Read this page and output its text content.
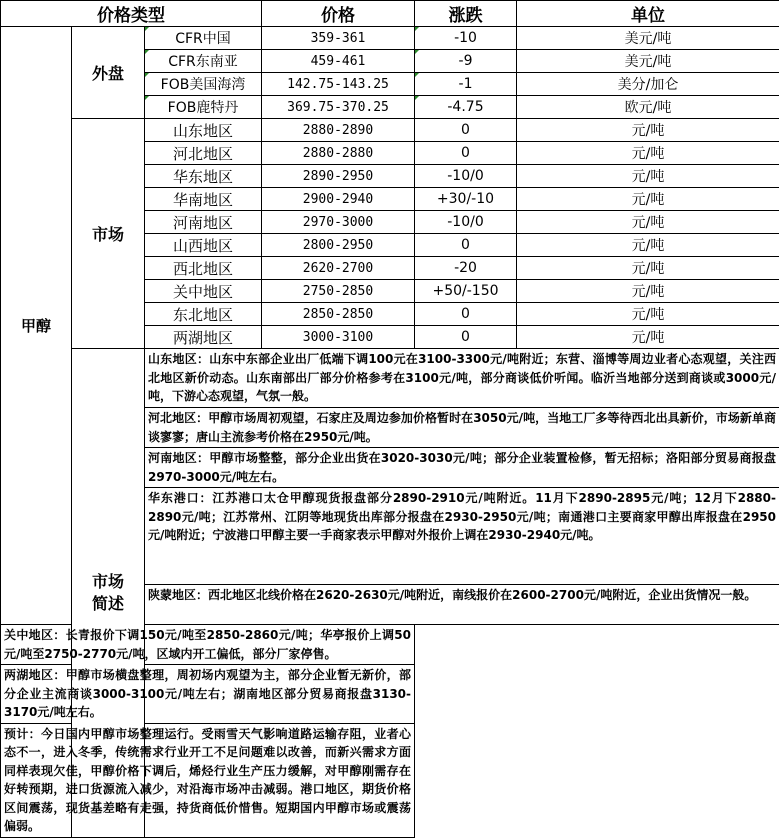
价格类型			价格	涨跌	单位
甲醇	外盘	CFR中国	359-361	-10	美元/吨
		CFR东南亚	459-461	-9	美元/吨
		FOB美国海湾	142.75-143.25	-1	美分/加仑
		FOB鹿特丹	369.75-370.25	-4.75	欧元/吨
	市场	山东地区	2880-2890	0	元/吨
		河北地区	2880-2880	0	元/吨
		华东地区	2890-2950	-10/0	元/吨
		华南地区	2900-2940	+30/-10	元/吨
		河南地区	2970-3000	-10/0	元/吨
		山西地区	2800-2950	0	元/吨
		西北地区	2620-2700	-20	元/吨
		关中地区	2750-2850	+50/-150	元/吨
		东北地区	2850-2850	0	元/吨
		两湖地区	3000-3100	0	元/吨

	市场简述	山东地区：山东中东部企业出厂低端下调100元在3100-3300元/吨附近；东营、淄博等周边业者心态观望，关注西北地区新价动态。山东南部出厂部分价格参考在3100元/吨，部分商谈低价听闻。临沂当地部分送到商谈或3000元/吨，下游心态观望，气氛一般。			
		河北地区：甲醇市场周初观望，石家庄及周边参加价格暂时在3050元/吨，当地工厂多等待西北出具新价，市场新单商谈寥寥；唐山主流参考价格在2950元/吨。			
		河南地区：甲醇市场整整，部分企业出货在3020-3030元/吨；部分企业装置检修，暂无招标；洛阳部分贸易商报盘2970-3000元/吨左右。			
		华东港口：江苏港口太仓甲醇现货报盘部分2890-2910元/吨附近。11月下2890-2895元/吨；12月下2880-2890元/吨；江苏常州、江阴等地现货出库部分报盘在2930-2950元/吨；南通港口主要商家甲醇出库报盘在2950元/吨附近；宁波港口甲醇主要一手商家表示甲醇对外报价上调在2930-2940元/吨。			
		陕蒙地区：西北地区北线价格在2620-2630元/吨附近，南线报价在2600-2700元/吨附近，企业出货情况一般。			
关中地区：长青报价下调150元/吨至2850-2860元/吨；华亭报价上调50元/吨至2750-2770元/吨，区域内开工偏低，部分厂家停售。					
两湖地区：甲醇市场横盘整理，周初场内观望为主，部分企业暂无新价，部分企业主流商谈3000-3100元/吨左右；湖南地区部分贸易商报盘3130-3170元/吨左右。					
预计：今日国内甲醇市场整理运行。受雨雪天气影响道路运输存阻，业者心态不一，进入冬季，传统需求行业开工不足问题难以改善，而新兴需求方面同样表现欠佳，甲醇价格下调后，烯烃行业生产压力缓解，对甲醇刚需存在好转预期，进口货源流入减少，对沿海市场冲击减弱。港口地区，期货价格区间震荡，现货基差略有走强，持货商低价惜售。短期国内甲醇市场或震荡偏弱。					
